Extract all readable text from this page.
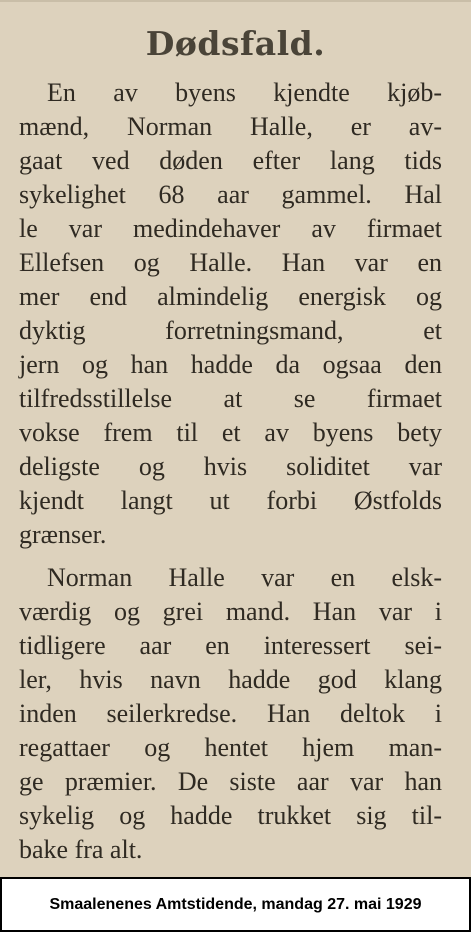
Dødsfald.
En av byens kjendte kjøb-
mænd, Norman Halle, er av-
gaat ved døden efter lang tids
sykelighet 68 aar gammel. Hal
le var medindehaver av firmaet
Ellefsen og Halle. Han var en
mer end almindelig energisk og
dyktig forretningsmand, et
jern og han hadde da ogsaa den
tilfredsstillelse at se firmaet
vokse frem til et av byens bety
deligste og hvis soliditet var
kjendt langt ut forbi Østfolds
grænser.
Norman Halle var en elsk-
værdig og grei mand. Han var i
tidligere aar en interessert sei-
ler, hvis navn hadde god klang
inden seilerkredse. Han deltok i
regattaer og hentet hjem man-
ge præmier. De siste aar var han
sykelig og hadde trukket sig til-
bake fra alt.
Smaalenenes Amtstidende, mandag 27. mai 1929
